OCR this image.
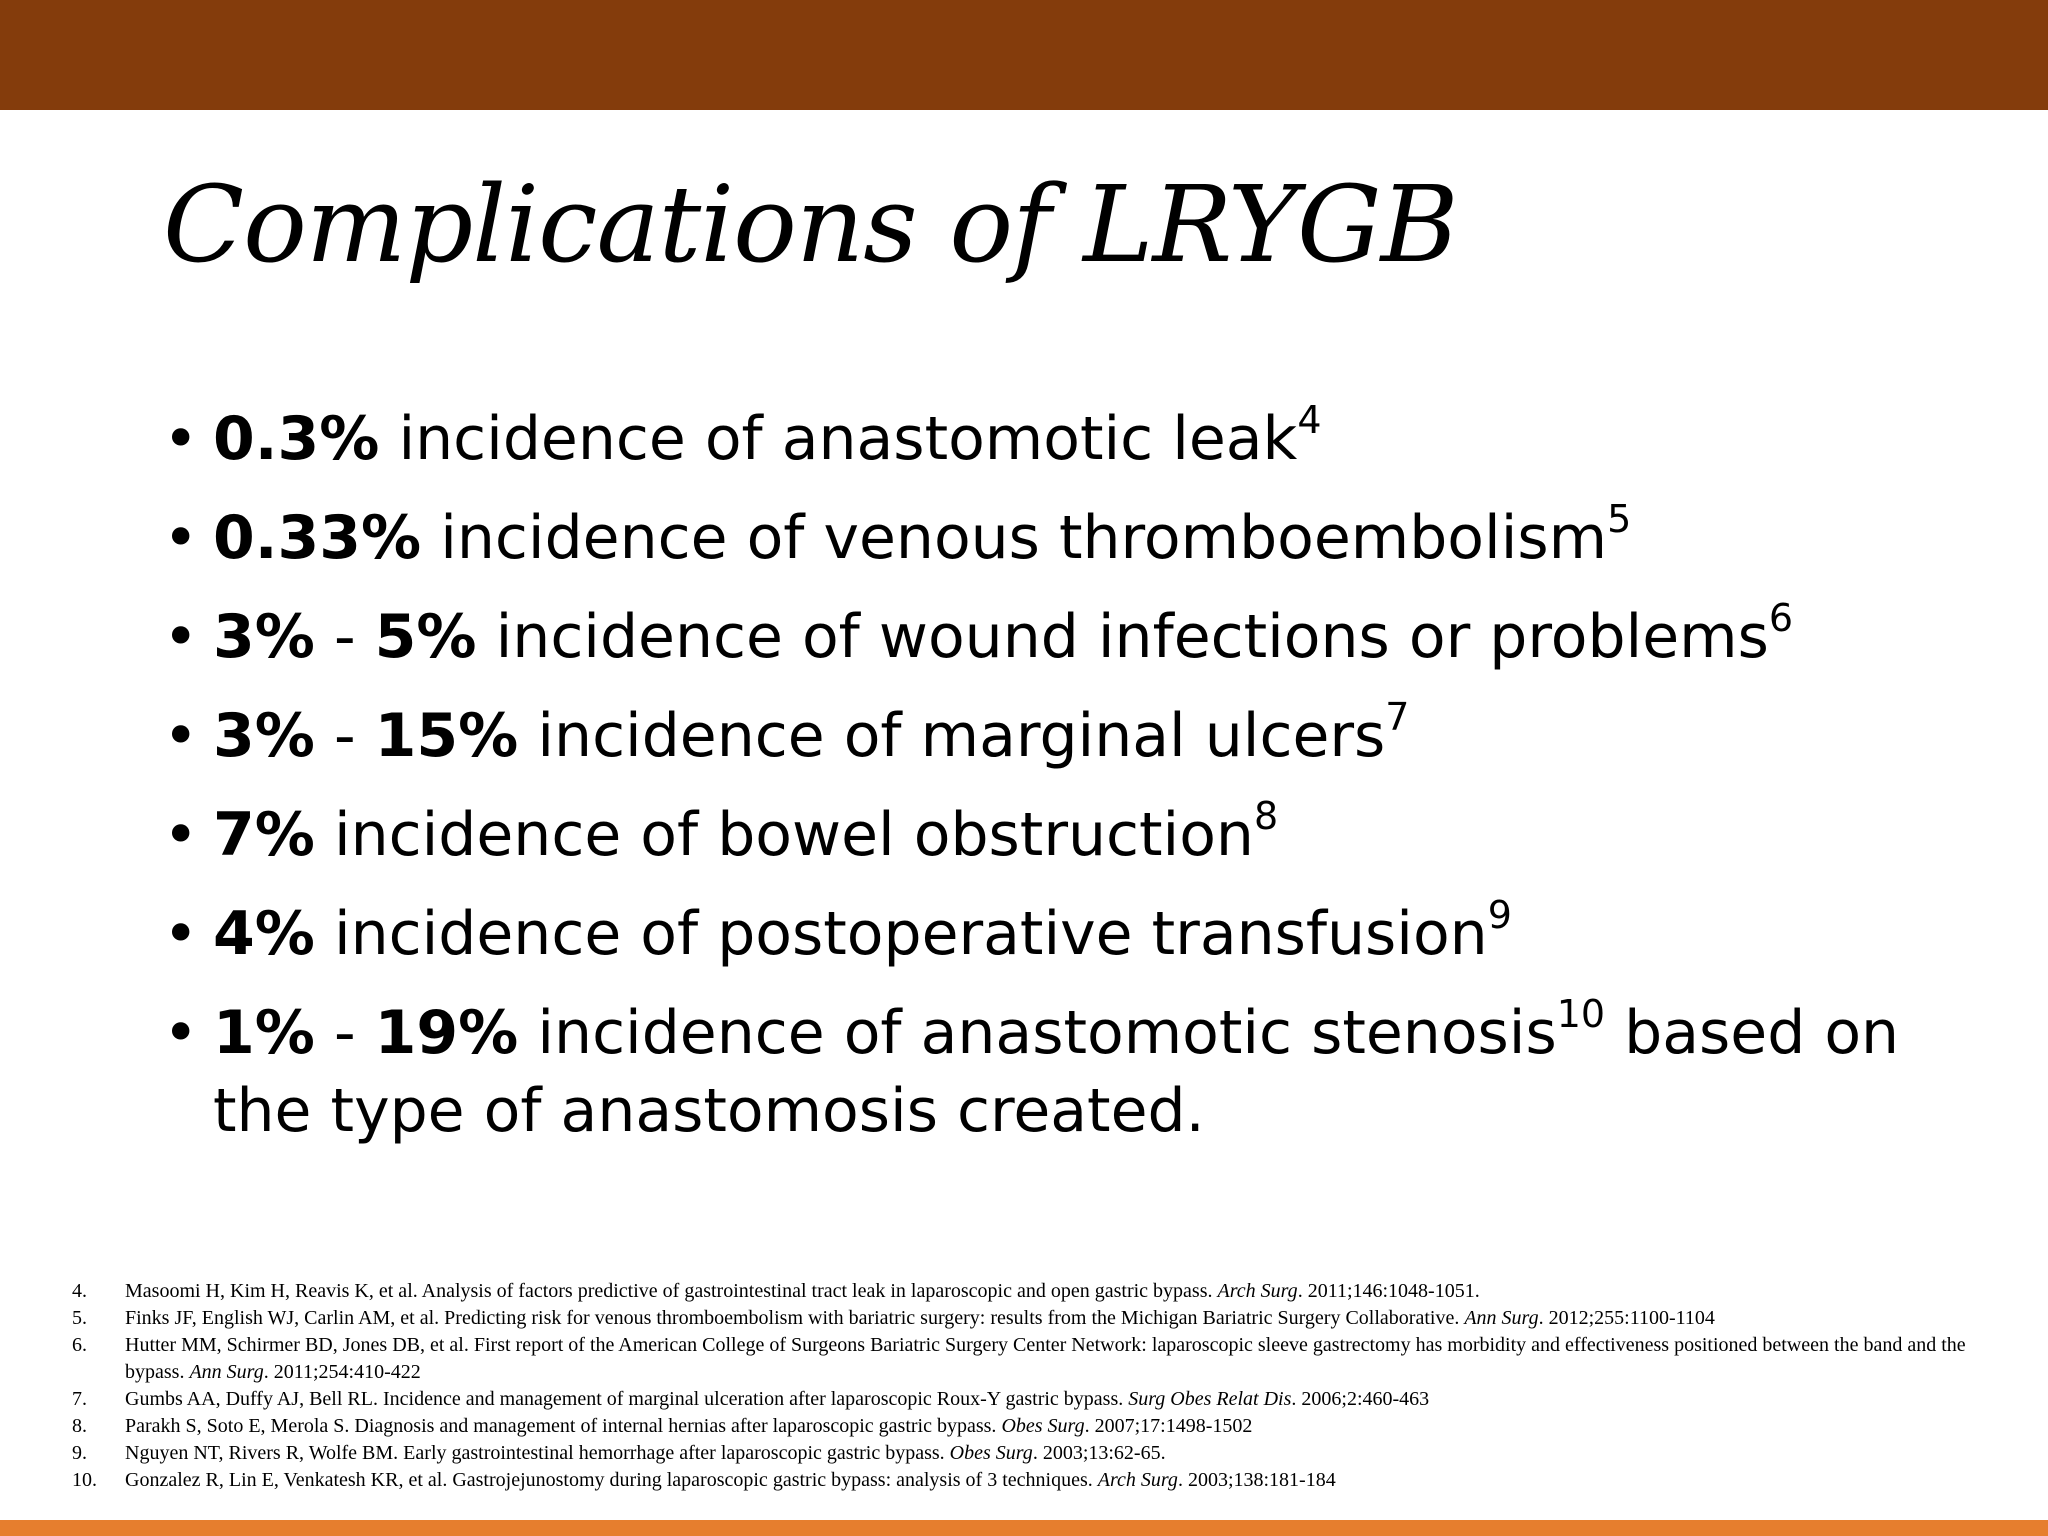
Complications of LRYGB
• 0.3% incidence of anastomotic leak$^4$
• 0.33% incidence of venous thromboembolism$^5$
• 3% - 5% incidence of wound infections or problems$^6$
• 3% - 15% incidence of marginal ulcers$^7$
• 7% incidence of bowel obstruction$^8$
• 4% incidence of postoperative transfusion$^9$
• 1% - 19% incidence of anastomotic stenosis$^{10}$ based on the type of anastomosis created.
4. Masoomi H, Kim H, Reavis K, et al. Analysis of factors predictive of gastrointestinal tract leak in laparoscopic and open gastric bypass. Arch Surg. 2011;146:1048-1051.
5. Finks JF, English WJ, Carlin AM, et al. Predicting risk for venous thromboembolism with bariatric surgery: results from the Michigan Bariatric Surgery Collaborative. Ann Surg. 2012;255:1100-1104
6. Hutter MM, Schirmer BD, Jones DB, et al. First report of the American College of Surgeons Bariatric Surgery Center Network: laparoscopic sleeve gastrectomy has morbidity and effectiveness positioned between the band and the bypass. Ann Surg. 2011;254:410-422
7. Gumbs AA, Duffy AJ, Bell RL. Incidence and management of marginal ulceration after laparoscopic Roux-Y gastric bypass. Surg Obes Relat Dis. 2006;2:460-463
8. Parakh S, Soto E, Merola S. Diagnosis and management of internal hernias after laparoscopic gastric bypass. Obes Surg. 2007;17:1498-1502
9. Nguyen NT, Rivers R, Wolfe BM. Early gastrointestinal hemorrhage after laparoscopic gastric bypass. Obes Surg. 2003;13:62-65.
10. Gonzalez R, Lin E, Venkatesh KR, et al. Gastrojejunostomy during laparoscopic gastric bypass: analysis of 3 techniques. Arch Surg. 2003;138:181-184
